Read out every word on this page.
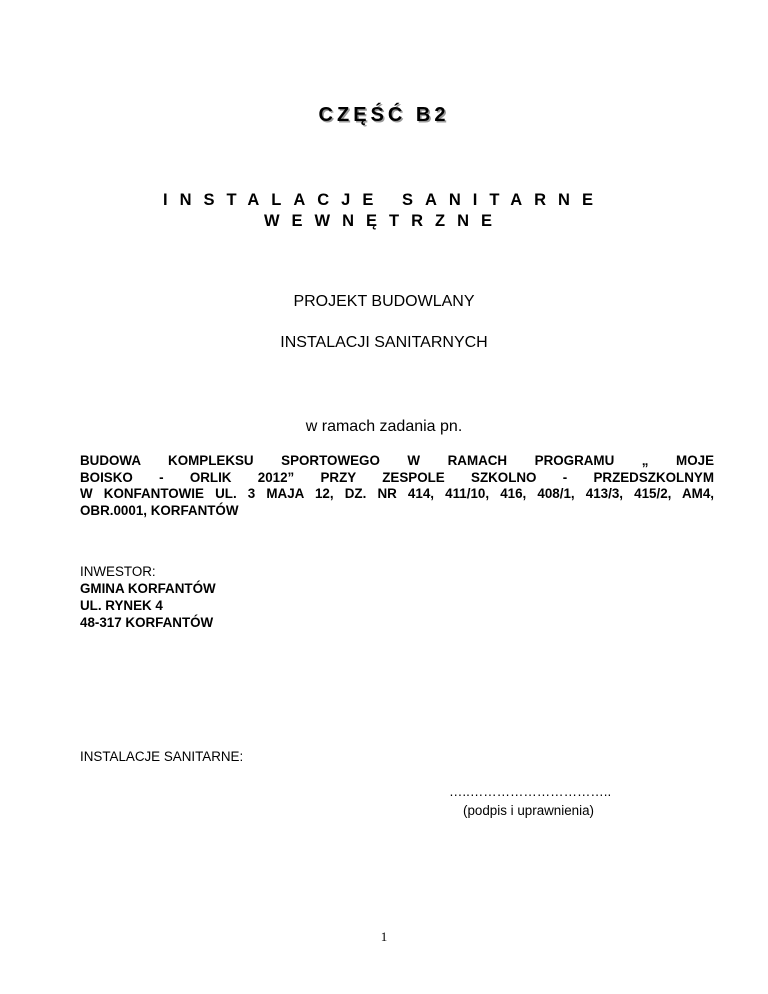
CZĘŚĆ B2
INSTALACJE SANITARNE
WEWNĘTRZNE
PROJEKT BUDOWLANY
INSTALACJI SANITARNYCH
w ramach zadania pn.
BUDOWA KOMPLEKSU SPORTOWEGO W RAMACH PROGRAMU „ MOJE
BOISKO - ORLIK 2012” PRZY ZESPOLE SZKOLNO - PRZEDSZKOLNYM
W KONFANTOWIE UL. 3 MAJA 12, DZ. NR 414, 411/10, 416, 408/1, 413/3, 415/2, AM4,
OBR.0001, KORFANTÓW
INWESTOR:
GMINA KORFANTÓW
UL. RYNEK 4
48-317 KORFANTÓW
INSTALACJE SANITARNE:
…..…………………………..
(podpis i uprawnienia)
1
